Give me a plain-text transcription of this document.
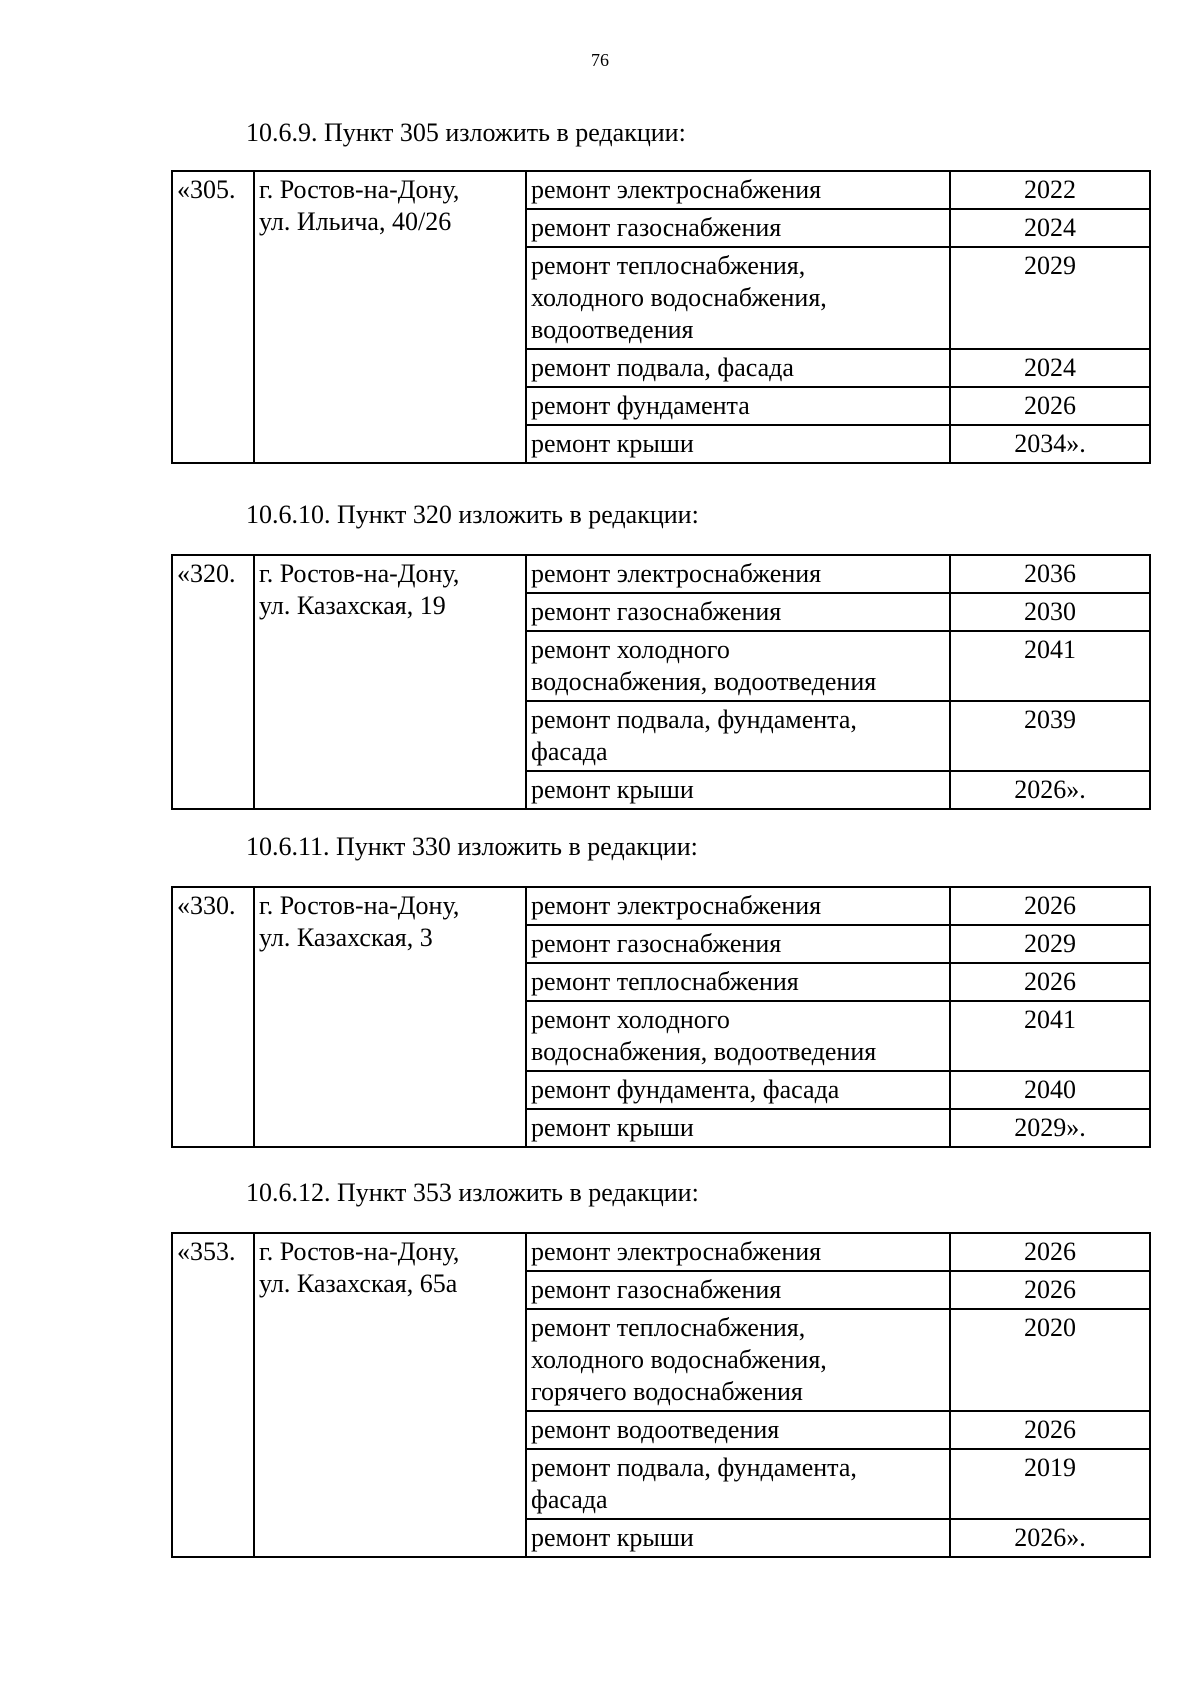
76
10.6.9. Пункт 305 изложить в редакции:
«305.	г. Ростов-на-Дону,
ул. Ильича, 40/26	ремонт электроснабжения	2022

		ремонт газоснабжения	2024

		ремонт теплоснабжения,
холодного водоснабжения,
водоотведения	2029

		ремонт подвала, фасада	2024

		ремонт фундамента	2026

		ремонт крыши	2034».
10.6.10. Пункт 320 изложить в редакции:
«320.	г. Ростов-на-Дону,
ул. Казахская, 19	ремонт электроснабжения	2036

		ремонт газоснабжения	2030

		ремонт холодного
водоснабжения, водоотведения	2041

		ремонт подвала, фундамента,
фасада	2039

		ремонт крыши	2026».
10.6.11. Пункт 330 изложить в редакции:
«330.	г. Ростов-на-Дону,
ул. Казахская, 3	ремонт электроснабжения	2026

		ремонт газоснабжения	2029

		ремонт теплоснабжения	2026

		ремонт холодного
водоснабжения, водоотведения	2041

		ремонт фундамента, фасада	2040

		ремонт крыши	2029».
10.6.12. Пункт 353 изложить в редакции:
«353.	г. Ростов-на-Дону,
ул. Казахская, 65а	ремонт электроснабжения	2026

		ремонт газоснабжения	2026

		ремонт теплоснабжения,
холодного водоснабжения,
горячего водоснабжения	2020

		ремонт водоотведения	2026

		ремонт подвала, фундамента,
фасада	2019

		ремонт крыши	2026».
